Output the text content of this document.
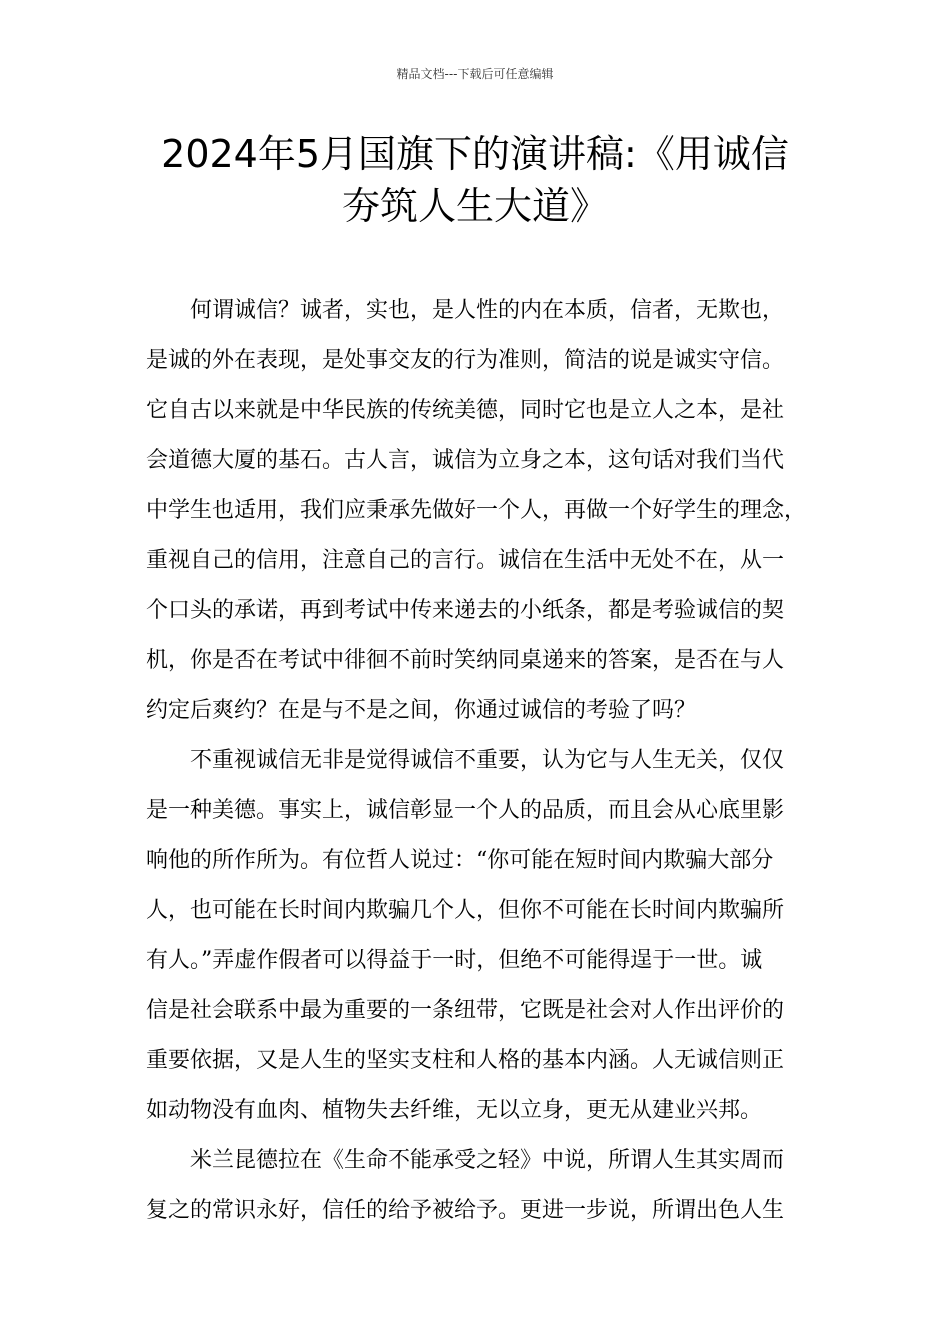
精品文档---下载后可任意编辑
2024年5月国旗下的演讲稿:《用诚信
夯筑人生大道》
何谓诚信？诚者，实也，是人性的内在本质，信者，无欺也，
是诚的外在表现，是处事交友的行为准则，简洁的说是诚实守信。
它自古以来就是中华民族的传统美德，同时它也是立人之本，是社
会道德大厦的基石。古人言，诚信为立身之本，这句话对我们当代
中学生也适用，我们应秉承先做好一个人，再做一个好学生的理念，
重视自己的信用，注意自己的言行。诚信在生活中无处不在，从一
个口头的承诺，再到考试中传来递去的小纸条，都是考验诚信的契
机，你是否在考试中徘徊不前时笑纳同桌递来的答案，是否在与人
约定后爽约？在是与不是之间，你通过诚信的考验了吗？
不重视诚信无非是觉得诚信不重要，认为它与人生无关，仅仅
是一种美德。事实上，诚信彰显一个人的品质，而且会从心底里影
响他的所作所为。有位哲人说过：“你可能在短时间内欺骗大部分
人，也可能在长时间内欺骗几个人，但你不可能在长时间内欺骗所
有人。”弄虚作假者可以得益于一时，但绝不可能得逞于一世。诚
信是社会联系中最为重要的一条纽带，它既是社会对人作出评价的
重要依据，又是人生的坚实支柱和人格的基本内涵。人无诚信则正
如动物没有血肉、植物失去纤维，无以立身，更无从建业兴邦。
米兰昆德拉在《生命不能承受之轻》中说，所谓人生其实周而
复之的常识永好，信任的给予被给予。更进一步说，所谓出色人生
